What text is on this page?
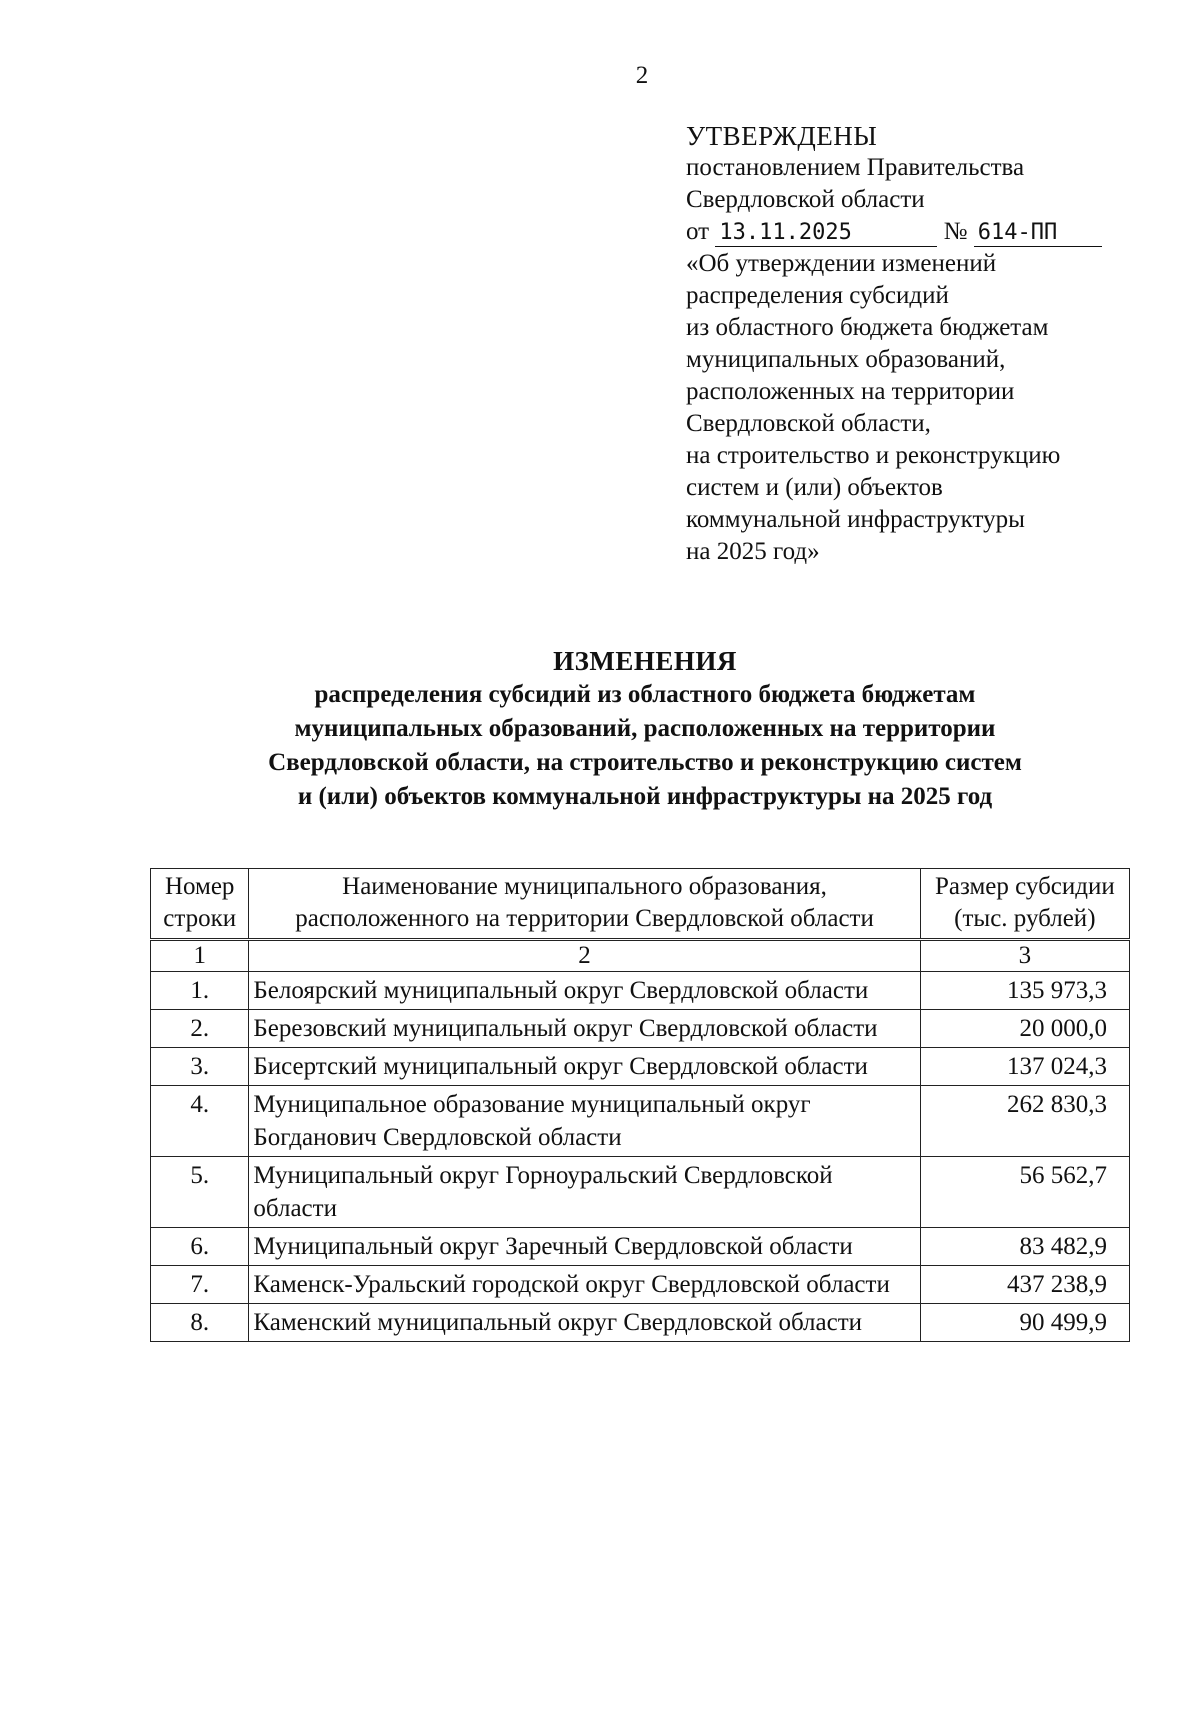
2
УТВЕРЖДЕНЫ
постановлением Правительства
Свердловской области
от 13.11.2025	№ 614-ПП
«Об утверждении изменений
распределения субсидий
из областного бюджета бюджетам
муниципальных образований,
расположенных на территории
Свердловской области,
на строительство и реконструкцию
систем и (или) объектов
коммунальной инфраструктуры
на 2025 год»
ИЗМЕНЕНИЯ
распределения субсидий из областного бюджета бюджетам
муниципальных образований, расположенных на территории
Свердловской области, на строительство и реконструкцию систем
и (или) объектов коммунальной инфраструктуры на 2025 год
Номер строки	Наименование муниципального образования, расположенного на территории Свердловской области	Размер субсидии (тыс. рублей)
1	2	3
1.	Белоярский муниципальный округ Свердловской области	135 973,3
2.	Березовский муниципальный округ Свердловской области	20 000,0
3.	Бисертский муниципальный округ Свердловской области	137 024,3
4.	Муниципальное образование муниципальный округ Богданович Свердловской области	262 830,3
5.	Муниципальный округ Горноуральский Свердловской области	56 562,7
6.	Муниципальный округ Заречный Свердловской области	83 482,9
7.	Каменск-Уральский городской округ Свердловской области	437 238,9
8.	Каменский муниципальный округ Свердловской области	90 499,9
